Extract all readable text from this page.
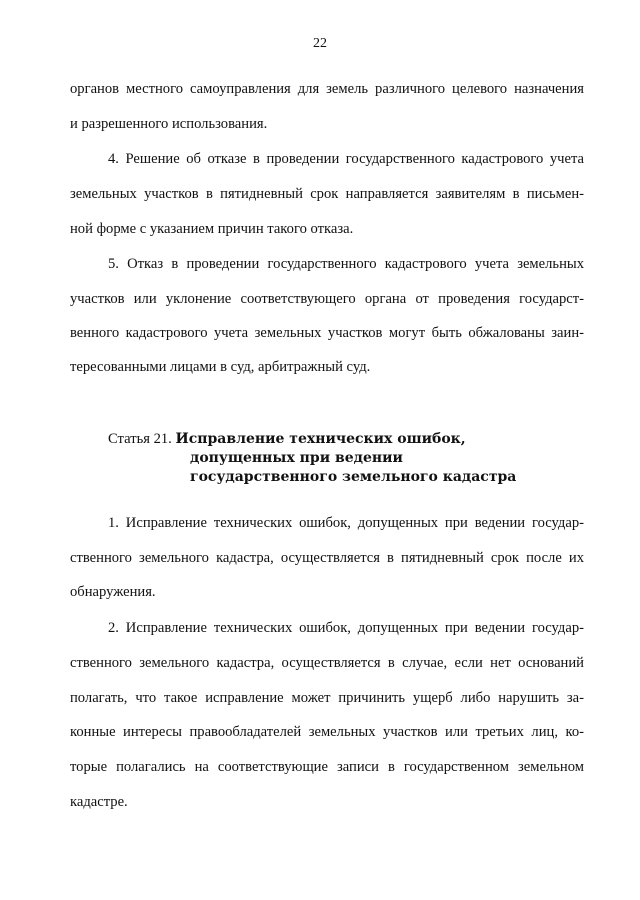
22
органов местного самоуправления для земель различного целевого назначения
и разрешенного использования.
4. Решение об отказе в проведении государственного кадастрового учета
земельных участков в пятидневный срок направляется заявителям в письмен-
ной форме с указанием причин такого отказа.
5. Отказ в проведении государственного кадастрового учета земельных
участков или уклонение соответствующего органа от проведения государст-
венного кадастрового учета земельных участков могут быть обжалованы заин-
тересованными лицами в суд, арбитражный суд.
Статья 21. Исправление технических ошибок,
допущенных при ведении
государственного земельного кадастра
1. Исправление технических ошибок, допущенных при ведении государ-
ственного земельного кадастра, осуществляется в пятидневный срок после их
обнаружения.
2. Исправление технических ошибок, допущенных при ведении государ-
ственного земельного кадастра, осуществляется в случае, если нет оснований
полагать, что такое исправление может причинить ущерб либо нарушить за-
конные интересы правообладателей земельных участков или третьих лиц, ко-
торые полагались на соответствующие записи в государственном земельном
кадастре.
